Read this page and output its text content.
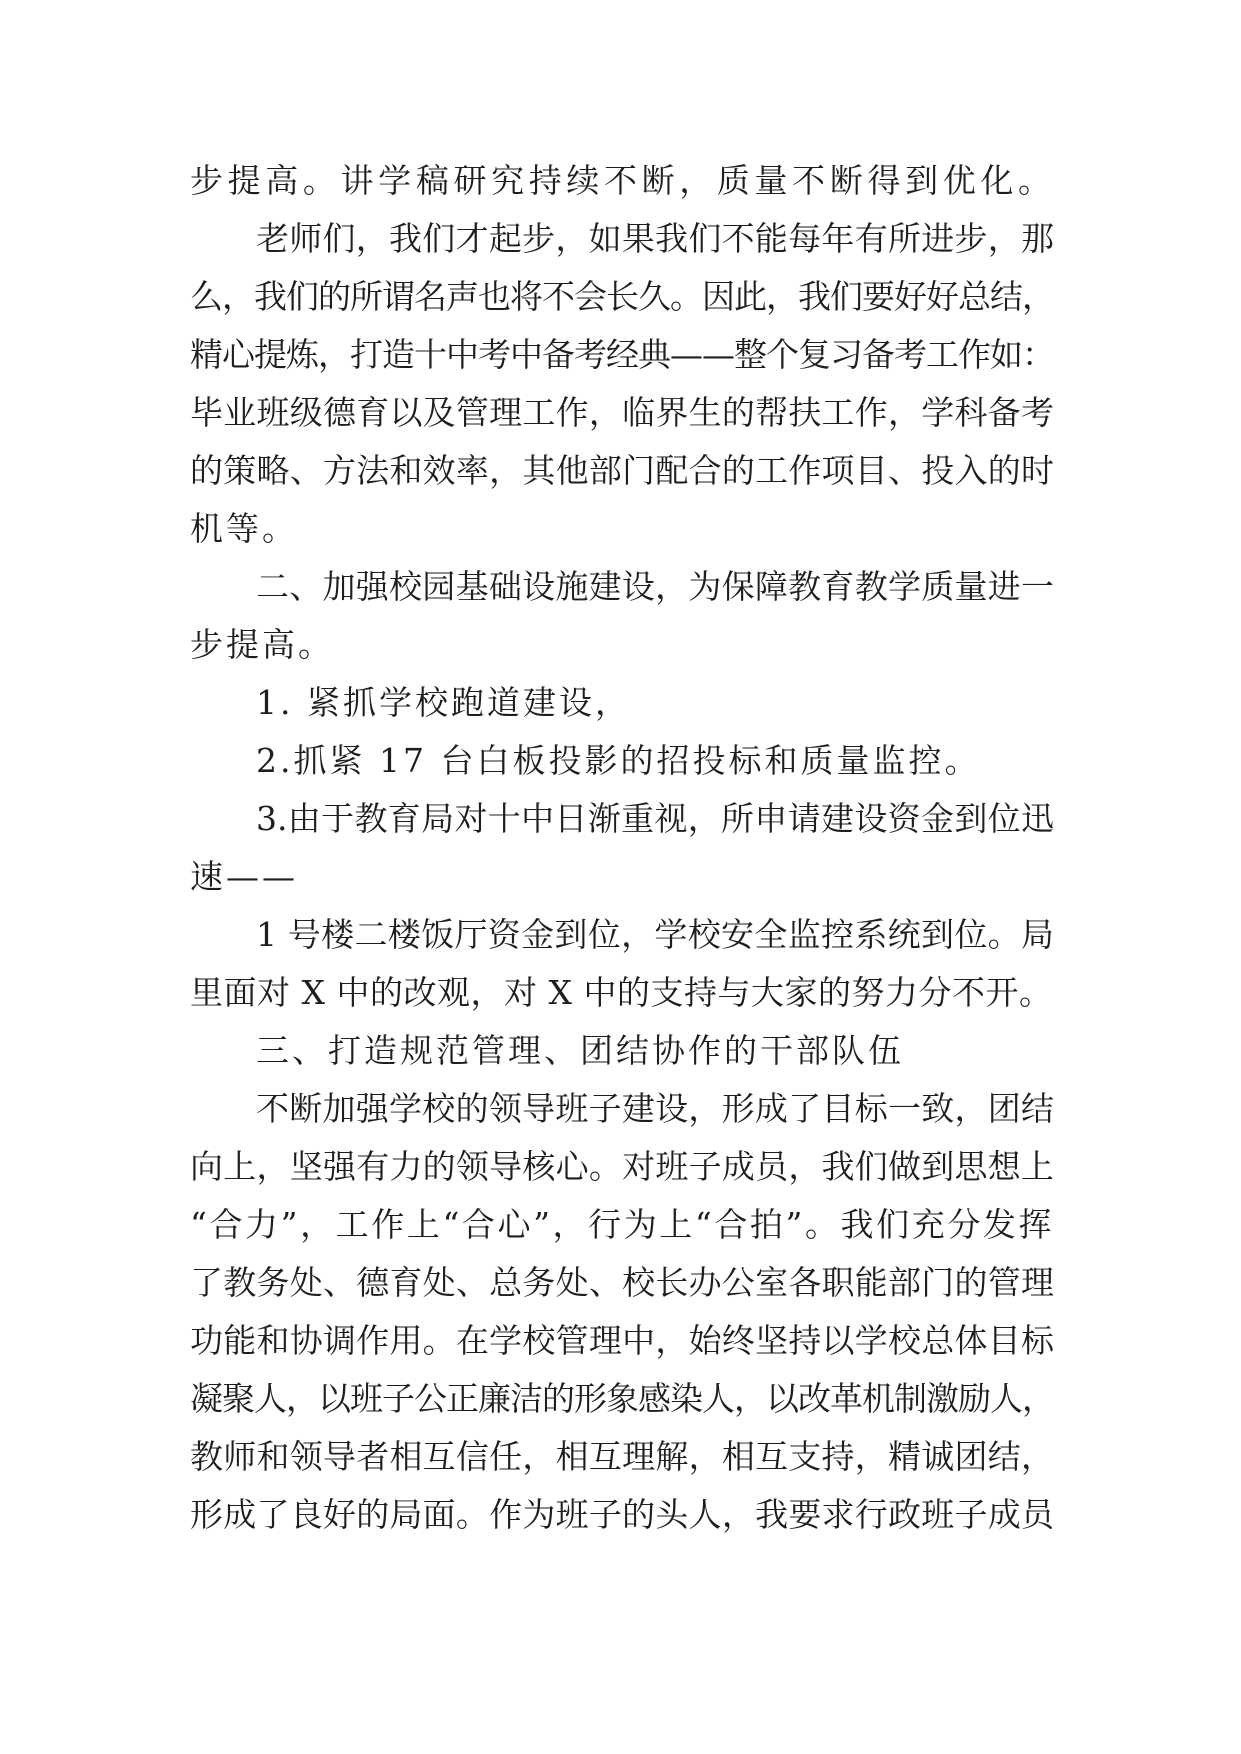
步提高。讲学稿研究持续不断，质量不断得到优化。
老师们，我们才起步，如果我们不能每年有所进步，那
么，我们的所谓名声也将不会长久。因此，我们要好好总结，
精心提炼，打造十中考中备考经典——整个复习备考工作如：
毕业班级德育以及管理工作，临界生的帮扶工作，学科备考
的策略、方法和效率，其他部门配合的工作项目、投入的时
机等。
二、加强校园基础设施建设，为保障教育教学质量进一
步提高。
1. 紧抓学校跑道建设，
2.抓紧 17 台白板投影的招投标和质量监控。
3.由于教育局对十中日渐重视，所申请建设资金到位迅
速——
1 号楼二楼饭厅资金到位，学校安全监控系统到位。局
里面对 X 中的改观，对 X 中的支持与大家的努力分不开。
三、打造规范管理、团结协作的干部队伍
不断加强学校的领导班子建设，形成了目标一致，团结
向上，坚强有力的领导核心。对班子成员，我们做到思想上
“合力”，工作上“合心”，行为上“合拍”。我们充分发挥
了教务处、德育处、总务处、校长办公室各职能部门的管理
功能和协调作用。在学校管理中，始终坚持以学校总体目标
凝聚人，以班子公正廉洁的形象感染人，以改革机制激励人，
教师和领导者相互信任，相互理解，相互支持，精诚团结，
形成了良好的局面。作为班子的头人，我要求行政班子成员
